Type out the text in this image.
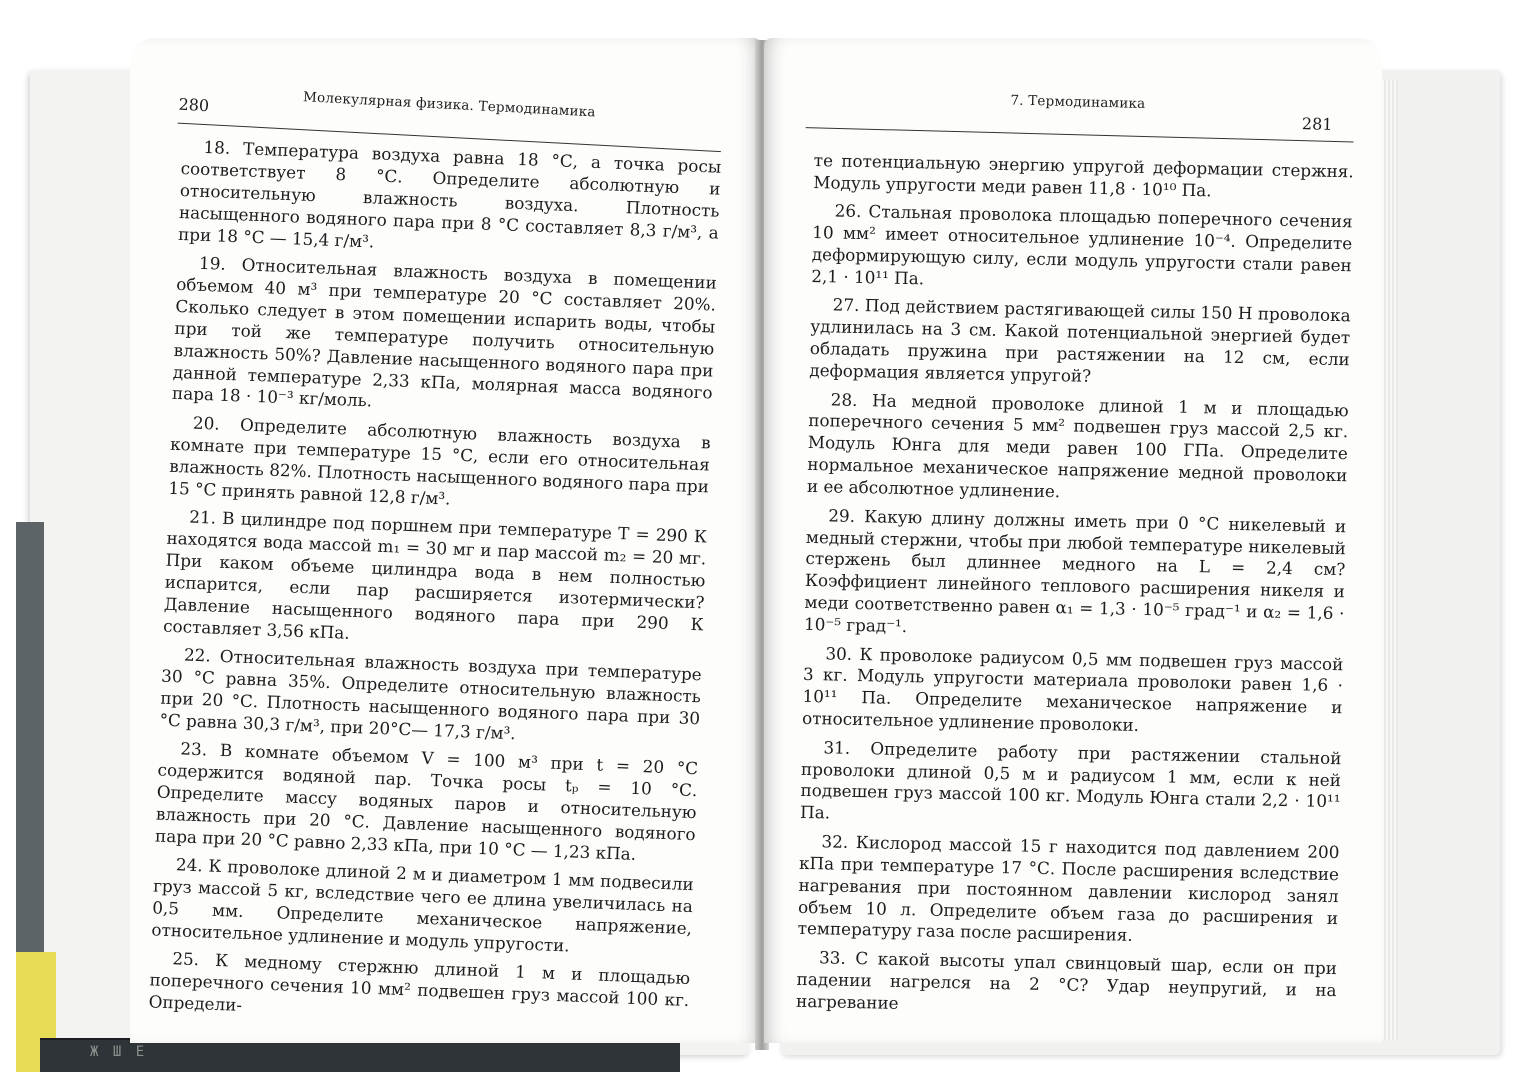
Ж Ш Е
280	Молекулярная физика. Термодинамика

18. Температура воздуха равна 18 °С, а точка росы соответствует 8 °С. Определите абсолютную и относительную влажность воздуха. Плотность насыщенного водяного пара при 8 °С составляет 8,3 г/м³, а при 18 °С — 15,4 г/м³.

19. Относительная влажность воздуха в помещении объемом 40 м³ при температуре 20 °С составляет 20%. Сколько следует в этом помещении испарить воды, чтобы при той же температуре получить относительную влажность 50%? Давление насыщенного водяного пара при данной температуре 2,33 кПа, молярная масса водяного пара 18 · 10⁻³ кг/моль.

20. Определите абсолютную влажность воздуха в комнате при температуре 15 °С, если его относительная влажность 82%. Плотность насыщенного водяного пара при 15 °С принять равной 12,8 г/м³.

21. В цилиндре под поршнем при температуре T = 290 К находятся вода массой m₁ = 30 мг и пар массой m₂ = 20 мг. При каком объеме цилиндра вода в нем полностью испарится, если пар расширяется изотермически? Давление насыщенного водяного пара при 290 К составляет 3,56 кПа.

22. Относительная влажность воздуха при температуре 30 °С равна 35%. Определите относительную влажность при 20 °С. Плотность насыщенного водяного пара при 30 °С равна 30,3 г/м³, при 20°С— 17,3 г/м³.

23. В комнате объемом V = 100 м³ при t = 20 °С содержится водяной пар. Точка росы tₚ = 10 °С. Определите массу водяных паров и относительную влажность при 20 °С. Давление насыщенного водяного пара при 20 °С равно 2,33 кПа, при 10 °С — 1,23 кПа.

24. К проволоке длиной 2 м и диаметром 1 мм подвесили груз массой 5 кг, вследствие чего ее длина увеличилась на 0,5 мм. Определите механическое напряжение, относительное удлинение и модуль упругости.

25. К медному стержню длиной 1 м и площадью поперечного сечения 10 мм² подвешен груз массой 100 кг. Определи-

7. Термодинамика
281

те потенциальную энергию упругой деформации стержня. Модуль упругости меди равен 11,8 · 10¹⁰ Па.

26. Стальная проволока площадью поперечного сечения 10 мм² имеет относительное удлинение 10⁻⁴. Определите деформирующую силу, если модуль упругости стали равен 2,1 · 10¹¹ Па.

27. Под действием растягивающей силы 150 Н проволока удлинилась на 3 см. Какой потенциальной энергией будет обладать пружина при растяжении на 12 см, если деформация является упругой?

28. На медной проволоке длиной 1 м и площадью поперечного сечения 5 мм² подвешен груз массой 2,5 кг. Модуль Юнга для меди равен 100 ГПа. Определите нормальное механическое напряжение медной проволоки и ее абсолютное удлинение.

29. Какую длину должны иметь при 0 °С никелевый и медный стержни, чтобы при любой температуре никелевый стержень был длиннее медного на L = 2,4 см? Коэффициент линейного теплового расширения никеля и меди соответственно равен α₁ = 1,3 · 10⁻⁵ град⁻¹ и α₂ = 1,6 · 10⁻⁵ град⁻¹.

30. К проволоке радиусом 0,5 мм подвешен груз массой 3 кг. Модуль упругости материала проволоки равен 1,6 · 10¹¹ Па. Определите механическое напряжение и относительное удлинение проволоки.

31. Определите работу при растяжении стальной проволоки длиной 0,5 м и радиусом 1 мм, если к ней подвешен груз массой 100 кг. Модуль Юнга стали 2,2 · 10¹¹ Па.

32. Кислород массой 15 г находится под давлением 200 кПа при температуре 17 °С. После расширения вследствие нагревания при постоянном давлении кислород занял объем 10 л. Определите объем газа до расширения и температуру газа после расширения.

33. С какой высоты упал свинцовый шар, если он при падении нагрелся на 2 °С? Удар неупругий, и на нагревание
